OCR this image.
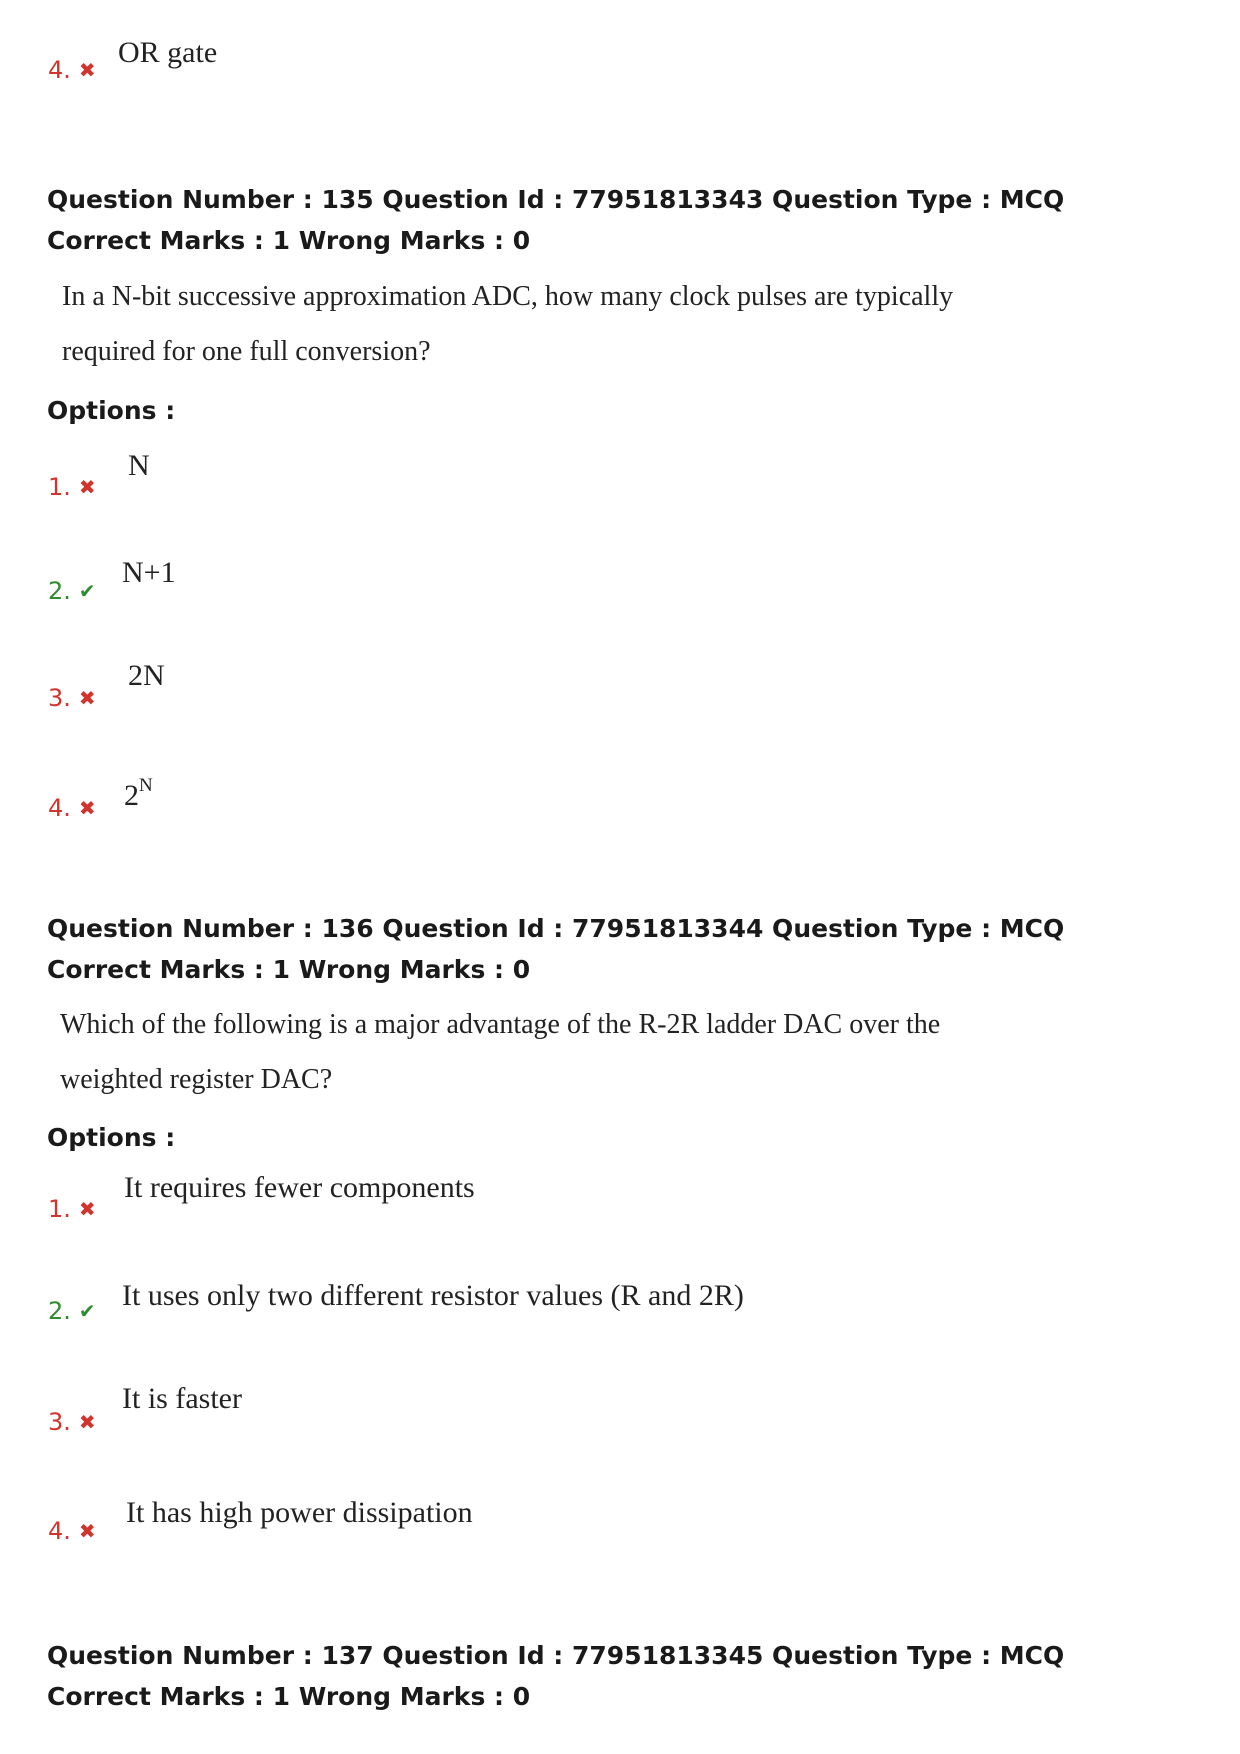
4. ✖
OR gate
Question Number : 135 Question Id : 77951813343 Question Type : MCQ
Correct Marks : 1 Wrong Marks : 0
In a N-bit successive approximation ADC, how many clock pulses are typically
required for one full conversion?
Options :
1. ✖
N
2. ✔
N+1
3. ✖
2N
4. ✖ $2^N$
Question Number : 136 Question Id : 77951813344 Question Type : MCQ
Correct Marks : 1 Wrong Marks : 0
Which of the following is a major advantage of the R-2R ladder DAC over the
weighted register DAC?
Options :
1. ✖
It requires fewer components
2. ✔ It uses only two different resistor values (R and 2R)
3. ✖
It is faster
4. ✖
It has high power dissipation
Question Number : 137 Question Id : 77951813345 Question Type : MCQ
Correct Marks : 1 Wrong Marks : 0
